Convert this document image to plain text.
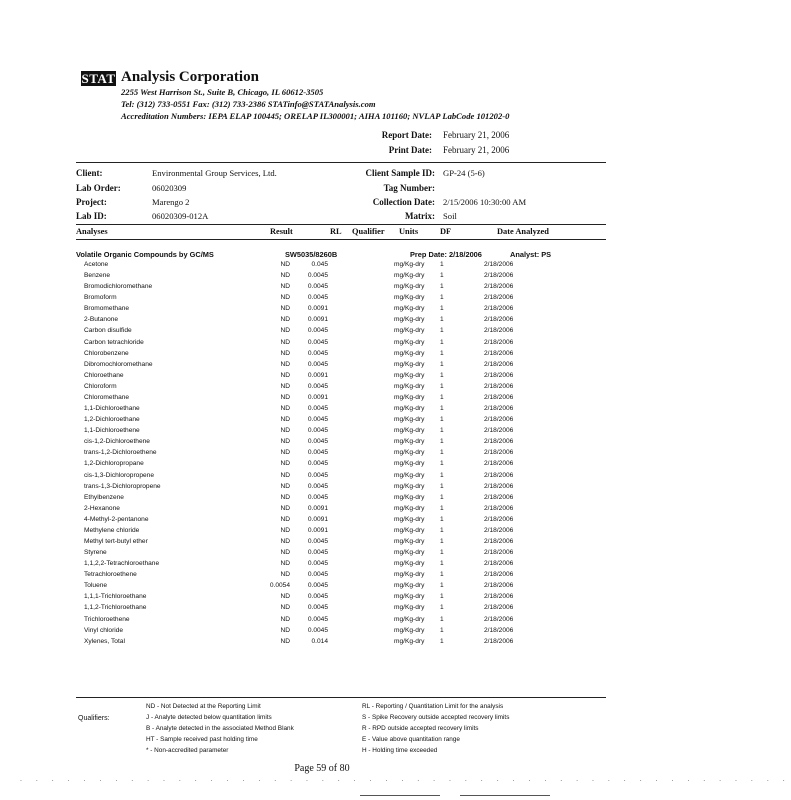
STAT Analysis Corporation
2255 West Harrison St., Suite B, Chicago, IL 60612-3505
Tel: (312) 733-0551 Fax: (312) 733-2386 STATinfo@STATAnalysis.com
Accreditation Numbers: IEPA ELAP 100445; ORELAP IL300001; AIHA 101160; NVLAP LabCode 101202-0
Report Date: February 21, 2006
Print Date: February 21, 2006
Client:	Environmental Group Services, Ltd.
Lab Order:	06020309
Project:	Marengo 2
Lab ID:	06020309-012A
Client Sample ID: GP-24 (5-6)
Tag Number:
Collection Date: 2/15/2006 10:30:00 AM
Matrix: Soil
Analyses	Result	RL Qualifier Units	DF	Date Analyzed
Volatile Organic Compounds by GC/MS	SW5035/8260B	Prep Date: 2/18/2006	Analyst: PS
Acetone	ND	0.045	mg/Kg-dry 1	2/18/2006
Benzene	ND	0.0045	mg/Kg-dry 1	2/18/2006
Bromodichloromethane	ND	0.0045	mg/Kg-dry 1	2/18/2006
Bromoform	ND	0.0045	mg/Kg-dry 1	2/18/2006
Bromomethane	ND	0.0091	mg/Kg-dry 1	2/18/2006
2-Butanone	ND	0.0091	mg/Kg-dry 1	2/18/2006
Carbon disulfide	ND	0.0045	mg/Kg-dry 1	2/18/2006
Carbon tetrachloride	ND	0.0045	mg/Kg-dry 1	2/18/2006
Chlorobenzene	ND	0.0045	mg/Kg-dry 1	2/18/2006
Dibromochloromethane	ND	0.0045	mg/Kg-dry 1	2/18/2006
Chloroethane	ND	0.0091	mg/Kg-dry 1	2/18/2006
Chloroform	ND	0.0045	mg/Kg-dry 1	2/18/2006
Chloromethane	ND	0.0091	mg/Kg-dry 1	2/18/2006
1,1-Dichloroethane	ND	0.0045	mg/Kg-dry 1	2/18/2006
1,2-Dichloroethane	ND	0.0045	mg/Kg-dry 1	2/18/2006
1,1-Dichloroethene	ND	0.0045	mg/Kg-dry 1	2/18/2006
cis-1,2-Dichloroethene	ND	0.0045	mg/Kg-dry 1	2/18/2006
trans-1,2-Dichloroethene	ND	0.0045	mg/Kg-dry 1	2/18/2006
1,2-Dichloropropane	ND	0.0045	mg/Kg-dry 1	2/18/2006
cis-1,3-Dichloropropene	ND	0.0045	mg/Kg-dry 1	2/18/2006
trans-1,3-Dichloropropene	ND	0.0045	mg/Kg-dry 1	2/18/2006
Ethylbenzene	ND	0.0045	mg/Kg-dry 1	2/18/2006
2-Hexanone	ND	0.0091	mg/Kg-dry 1	2/18/2006
4-Methyl-2-pentanone	ND	0.0091	mg/Kg-dry 1	2/18/2006
Methylene chloride	ND	0.0091	mg/Kg-dry 1	2/18/2006
Methyl tert-butyl ether	ND	0.0045	mg/Kg-dry 1	2/18/2006
Styrene	ND	0.0045	mg/Kg-dry 1	2/18/2006
1,1,2,2-Tetrachloroethane	ND	0.0045	mg/Kg-dry 1	2/18/2006
Tetrachloroethene	ND	0.0045	mg/Kg-dry 1	2/18/2006
Toluene	0.0054	0.0045	mg/Kg-dry 1	2/18/2006
1,1,1-Trichloroethane	ND	0.0045	mg/Kg-dry 1	2/18/2006
1,1,2-Trichloroethane	ND	0.0045	mg/Kg-dry 1	2/18/2006
Trichloroethene	ND	0.0045	mg/Kg-dry 1	2/18/2006
Vinyl chloride	ND	0.0045	mg/Kg-dry 1	2/18/2006
Xylenes, Total	ND	0.014	mg/Kg-dry 1	2/18/2006
Qualifiers:
ND - Not Detected at the Reporting Limit
J - Analyte detected below quantitation limits
B - Analyte detected in the associated Method Blank
HT - Sample received past holding time
* - Non-accredited parameter
RL - Reporting / Quantitation Limit for the analysis
S - Spike Recovery outside accepted recovery limits
R - RPD outside accepted recovery limits
E - Value above quantitation range
H - Holding time exceeded
Page 59 of 80
. . . . . . . . . . . . . . . . . . . . . . . . . . . . . . . . . . . . . . . . . . . . . . . . .
